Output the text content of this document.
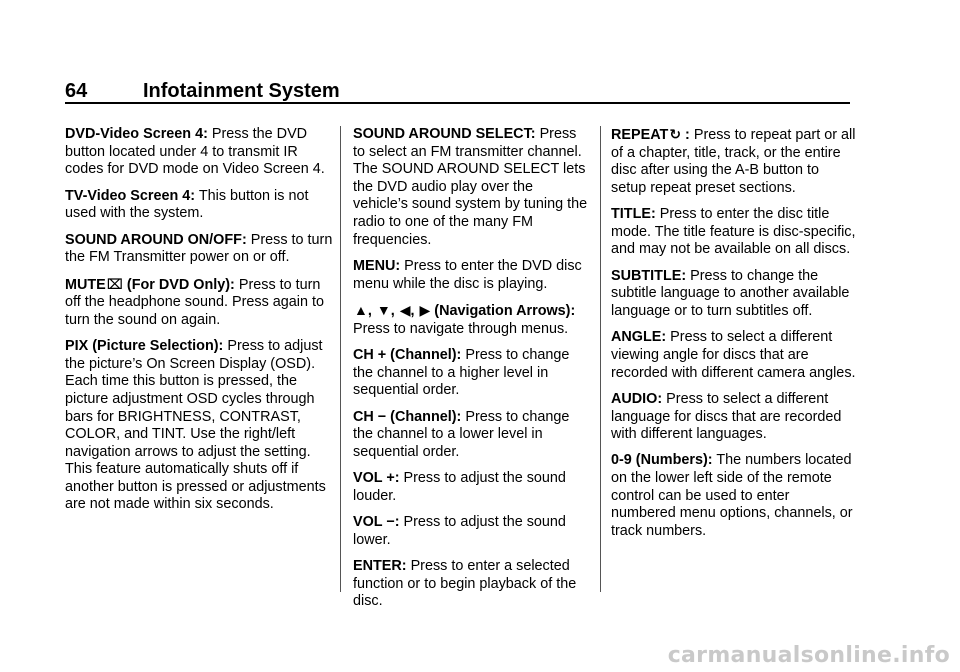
64	Infotainment System

DVD-Video Screen 4: Press the DVD button located under 4 to transmit IR codes for DVD mode on Video Screen 4.

TV-Video Screen 4: This button is not used with the system.

SOUND AROUND ON/OFF: Press to turn the FM Transmitter power on or off.

MUTE⌧ (For DVD Only): Press to turn off the headphone sound. Press again to turn the sound on again.

PIX (Picture Selection): Press to adjust the picture’s On Screen Display (OSD). Each time this button is pressed, the picture adjustment OSD cycles through bars for BRIGHTNESS, CONTRAST, COLOR, and TINT. Use the right/left navigation arrows to adjust the setting. This feature automatically shuts off if another button is pressed or adjustments are not made within six seconds.

SOUND AROUND SELECT: Press to select an FM transmitter channel. The SOUND AROUND SELECT lets the DVD audio play over the vehicle’s sound system by tuning the radio to one of the many FM frequencies.

MENU: Press to enter the DVD disc menu while the disc is playing.

▲, ▼, ◀, ▶ (Navigation Arrows): Press to navigate through menus.

CH + (Channel): Press to change the channel to a higher level in sequential order.

CH − (Channel): Press to change the channel to a lower level in sequential order.

VOL +: Press to adjust the sound louder.

VOL −: Press to adjust the sound lower.

ENTER: Press to enter a selected function or to begin playback of the disc.

REPEAT↻ : Press to repeat part or all of a chapter, title, track, or the entire disc after using the A-B button to setup repeat preset sections.

TITLE: Press to enter the disc title mode. The title feature is disc-specific, and may not be available on all discs.

SUBTITLE: Press to change the subtitle language to another available language or to turn subtitles off.

ANGLE: Press to select a different viewing angle for discs that are recorded with different camera angles.

AUDIO: Press to select a different language for discs that are recorded with different languages.

0-9 (Numbers): The numbers located on the lower left side of the remote control can be used to enter numbered menu options, channels, or track numbers.

carmanualsonline.info
